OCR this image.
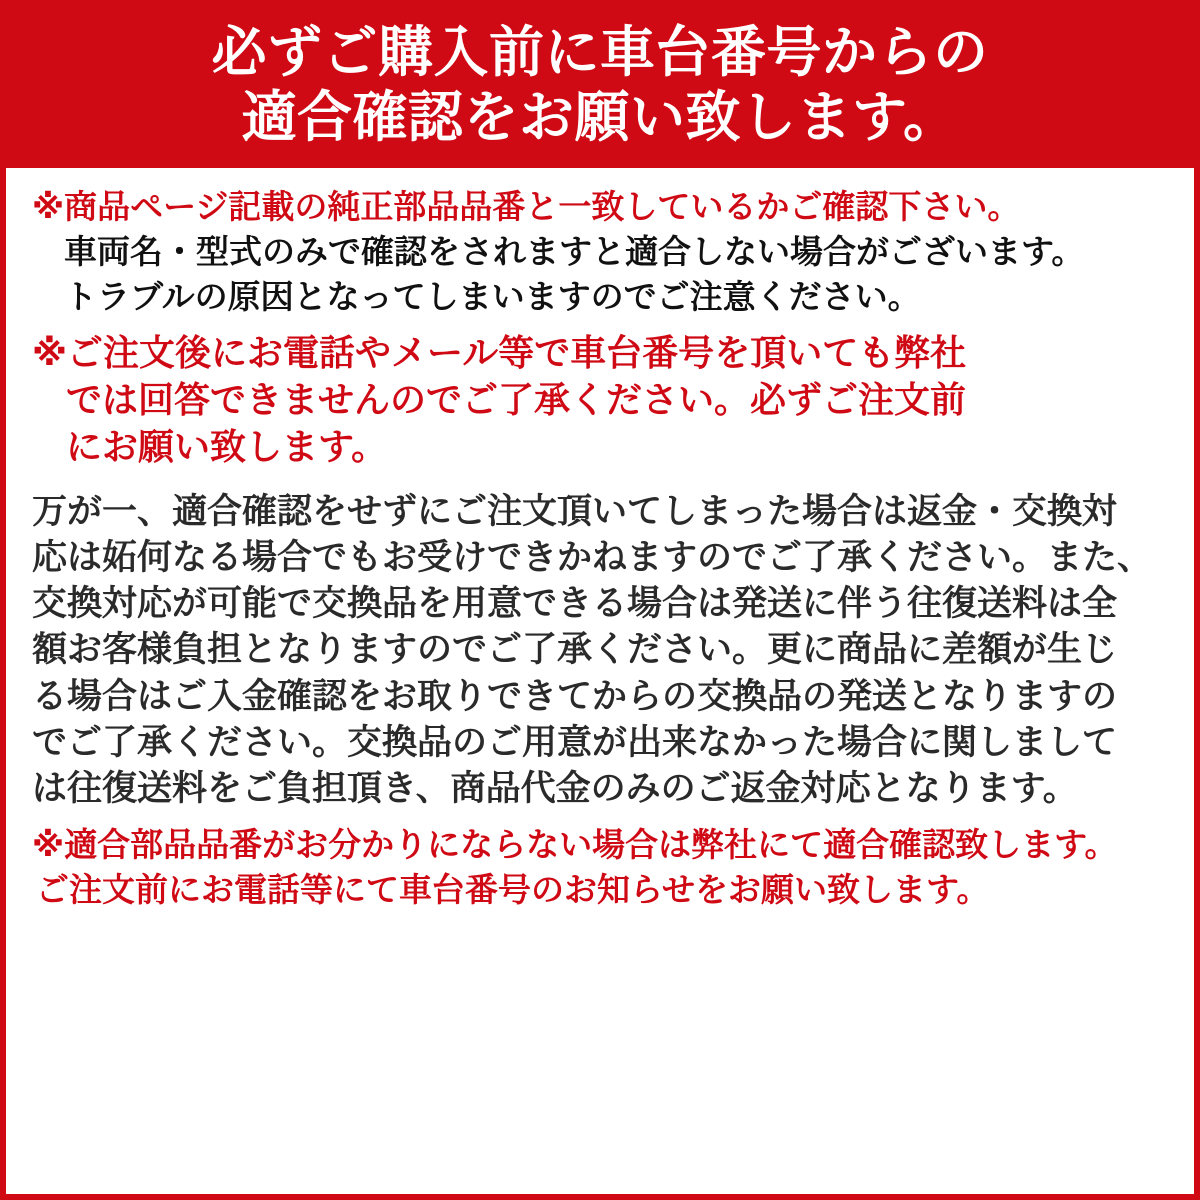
必ずご購入前に車台番号からの
適合確認をお願い致します。

※商品ページ記載の純正部品品番と一致しているかご確認下さい。

車両名・型式のみで確認をされますと適合しない場合がございます。

トラブルの原因となってしまいますのでご注意ください。

※ご注文後にお電話やメール等で車台番号を頂いても弊社
では回答できませんのでご了承ください。必ずご注文前
にお願い致します。
万が一、適合確認をせずにご注文頂いてしまった場合は返金・交換対
応は妬何なる場合でもお受けできかねますのでご了承ください。また、
交換対応が可能で交換品を用意できる場合は発送に伴う往復送料は全
額お客様負担となりますのでご了承ください。更に商品に差額が生じ
る場合はご入金確認をお取りできてからの交換品の発送となりますの
でご了承ください。交換品のご用意が出来なかった場合に関しまして
は往復送料をご負担頂き、商品代金のみのご返金対応となります。

※適合部品品番がお分かりにならない場合は弊社にて適合確認致します。

ご注文前にお電話等にて車台番号のお知らせをお願い致します。
